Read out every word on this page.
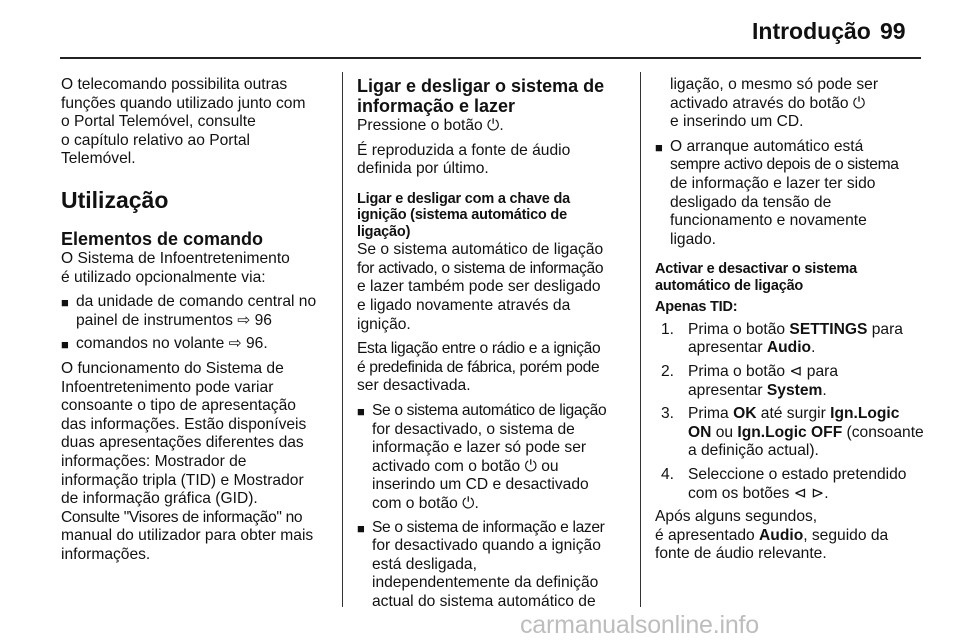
Introdução 99

O telecomando possibilita outras
funções quando utilizado junto com
o Portal Telemóvel, consulte
o capítulo relativo ao Portal
Telemóvel.

Utilização
Elementos de comando

O Sistema de Infoentretenimento
é utilizado opcionalmente via:

■ da unidade de comando central no
painel de instrumentos ⇨ 96
■ comandos no volante ⇨ 96.

O funcionamento do Sistema de
Infoentretenimento pode variar
consoante o tipo de apresentação
das informações. Estão disponíveis
duas apresentações diferentes das
informações: Mostrador de
informação tripla (TID) e Mostrador
de informação gráfica (GID).
Consulte "Visores de informação" no
manual do utilizador para obter mais
informações.

Ligar e desligar o sistema de
informação e lazer

Pressione o botão ⏻.

É reproduzida a fonte de áudio
definida por último.

Ligar e desligar com a chave da
ignição (sistema automático de
ligação)

Se o sistema automático de ligação
for activado, o sistema de informação
e lazer também pode ser desligado
e ligado novamente através da
ignição.

Esta ligação entre o rádio e a ignição
é predefinida de fábrica, porém pode
ser desactivada.

■ Se o sistema automático de ligação
for desactivado, o sistema de
informação e lazer só pode ser
activado com o botão ⏻ ou
inserindo um CD e desactivado
com o botão ⏻.
■ Se o sistema de informação e lazer
for desactivado quando a ignição
está desligada,
independentemente da definição
actual do sistema automático de

ligação, o mesmo só pode ser
activado através do botão ⏻
e inserindo um CD.

■ O arranque automático está
sempre activo depois de o sistema
de informação e lazer ter sido
desligado da tensão de
funcionamento e novamente
ligado.
Activar e desactivar o sistema
automático de ligação
Apenas TID:
1. Prima o botão SETTINGS para
apresentar Audio.
2. Prima o botão ⊲ para
apresentar System.
3. Prima OK até surgir Ign.Logic
ON ou Ign.Logic OFF (consoante
a definição actual).
4. Seleccione o estado pretendido
com os botões ⊲ ⊳.

Após alguns segundos,
é apresentado Audio, seguido da
fonte de áudio relevante.

carmanualsonline.info
